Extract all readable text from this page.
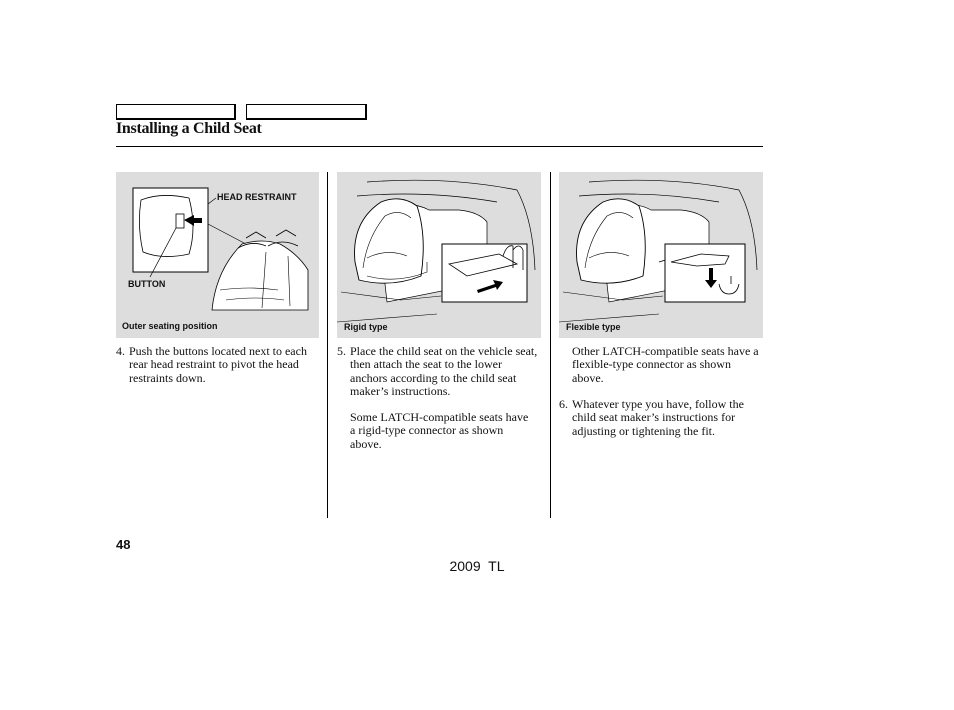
Installing a Child Seat
HEAD RESTRAINT
BUTTON
Outer seating position	Rigid type	Flexible type
4. Push the buttons located next to each rear head restraint to pivot the head restraints down.
5. Place the child seat on the vehicle seat, then attach the seat to the lower anchors according to the child seat maker’s instructions.
Some LATCH-compatible seats have a rigid-type connector as shown above.
Other LATCH-compatible seats have a flexible-type connector as shown above.
6. Whatever type you have, follow the child seat maker’s instructions for adjusting or tightening the fit.
48
2009  TL
